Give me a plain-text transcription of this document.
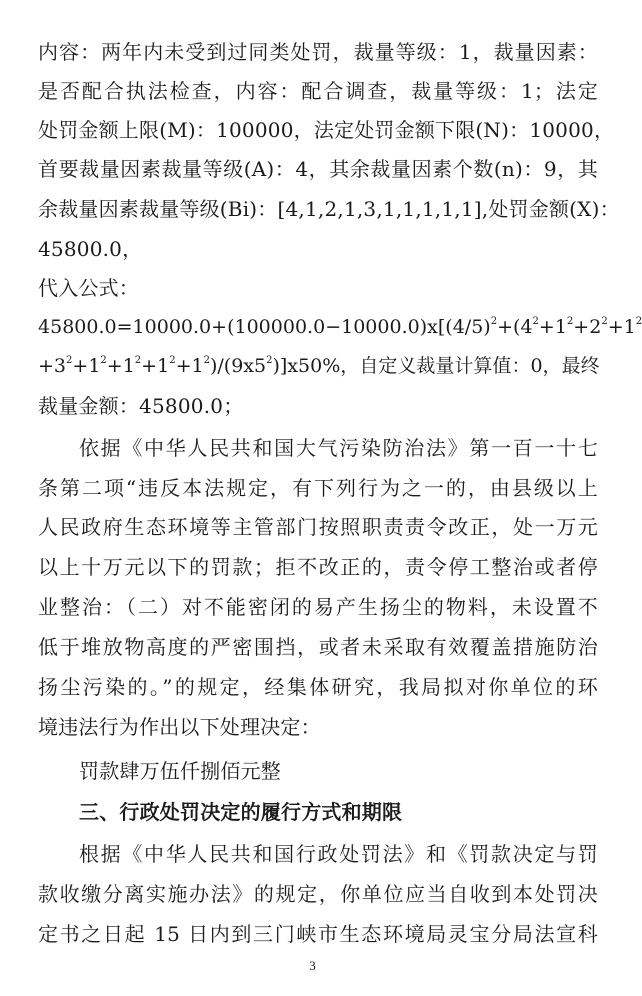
内容：两年内未受到过同类处罚，裁量等级：1，裁量因素：
是否配合执法检查，内容：配合调查，裁量等级：1；法定
处罚金额上限(M)：100000，法定处罚金额下限(N)：10000，
首要裁量因素裁量等级(A)：4，其余裁量因素个数(n)：9，其
余裁量因素裁量等级(Bi)：[4,1,2,1,3,1,1,1,1,1],处罚金额(X)：
45800.0，
代入公式：
$45800.0=10000.0+(100000.0-10000.0)x[(4/5)^2+(4^2+1^2+2^2+1^2$
$+3^2+1^2+1^2+1^2+1^2)/(9x5^2)]x50\%$，自定义裁量计算值：0，最终
裁量金额：45800.0；
依据《中华人民共和国大气污染防治法》第一百一十七
条第二项“违反本法规定，有下列行为之一的，由县级以上
人民政府生态环境等主管部门按照职责责令改正，处一万元
以上十万元以下的罚款；拒不改正的，责令停工整治或者停
业整治：（二）对不能密闭的易产生扬尘的物料，未设置不
低于堆放物高度的严密围挡，或者未采取有效覆盖措施防治
扬尘污染的。”的规定，经集体研究，我局拟对你单位的环
境违法行为作出以下处理决定：
罚款肆万伍仟捌佰元整
三、行政处罚决定的履行方式和期限
根据《中华人民共和国行政处罚法》和《罚款决定与罚
款收缴分离实施办法》的规定，你单位应当自收到本处罚决
定书之日起 15 日内到三门峡市生态环境局灵宝分局法宣科
3
